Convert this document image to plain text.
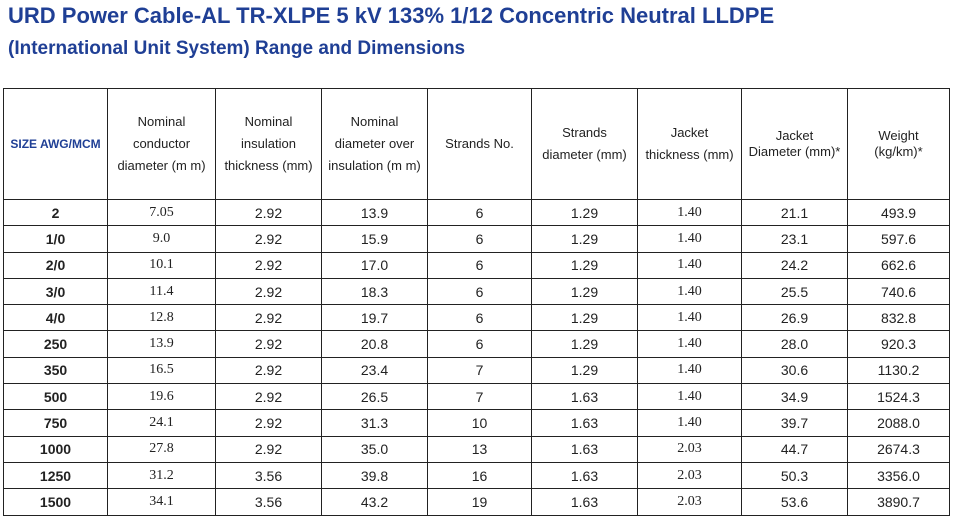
URD Power Cable-AL TR-XLPE 5 kV 133% 1/12 Concentric Neutral LLDPE
(International Unit System) Range and Dimensions
SIZE AWG/MCM	Nominal conductor diameter (m m)	Nominal insulation thickness (mm)	Nominal diameter over insulation (m m)	Strands No.	Strands diameter (mm)	Jacket thickness (mm)	Jacket Diameter (mm)*	Weight (kg/km)*

2	7.05	2.92	13.9	6	1.29	1.40	21.1	493.9
1/0	9.0	2.92	15.9	6	1.29	1.40	23.1	597.6
2/0	10.1	2.92	17.0	6	1.29	1.40	24.2	662.6
3/0	11.4	2.92	18.3	6	1.29	1.40	25.5	740.6
4/0	12.8	2.92	19.7	6	1.29	1.40	26.9	832.8
250	13.9	2.92	20.8	6	1.29	1.40	28.0	920.3
350	16.5	2.92	23.4	7	1.29	1.40	30.6	1130.2
500	19.6	2.92	26.5	7	1.63	1.40	34.9	1524.3
750	24.1	2.92	31.3	10	1.63	1.40	39.7	2088.0
1000	27.8	2.92	35.0	13	1.63	2.03	44.7	2674.3
1250	31.2	3.56	39.8	16	1.63	2.03	50.3	3356.0
1500	34.1	3.56	43.2	19	1.63	2.03	53.6	3890.7
